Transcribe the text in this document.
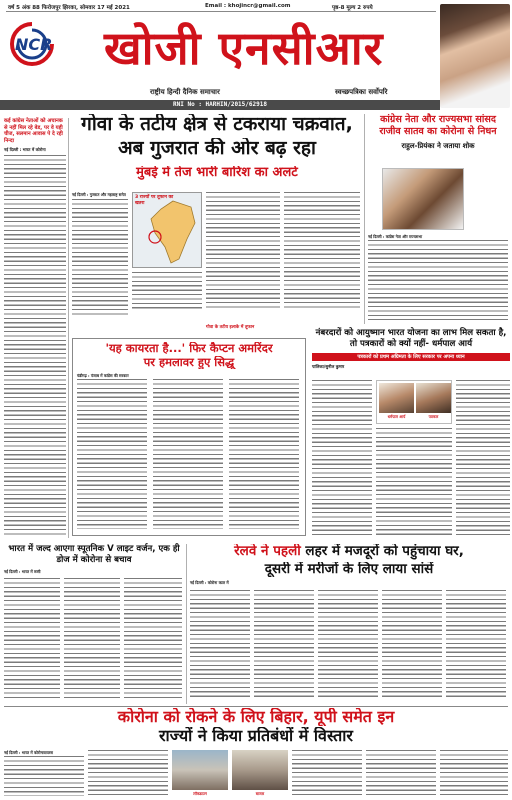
वर्ष 5 अंक 88 फिरोजपुर झिरका, सोमवार 17 मई 2021	Email : khojincr@gmail.com	पृष्ठ-8 मूल्य 2 रुपये
NCR खोजी एनसीआर
राष्ट्रीय हिन्दी दैनिक समाचार	स्वच्छपत्रिका सर्वोपरि
RNI No : HARHIN/2015/62918
कई कांग्रेस नेताओं को अचानक से नहीं मिल रहे बेड, पर वे यही चीज, सलमान आवास पे दे रही निन्दा
नई दिल्ली : भारत में कोरोना
गोवा के तटीय क्षेत्र से टकराया चक्रवात,
अब गुजरात की ओर बढ़ रहा
मुंबई में तेज भारी बारिश का अलर्ट
नई दिल्ली : गुजरात और महाराष्ट्र समेत
3 राज्यों पर तूफान का खतरा
गोवा के तटीय इलाके में तूफान
कांग्रेस नेता और राज्यसभा सांसद राजीव सातव का कोरोना से निधन
राहुल-प्रियंका ने जताया शोक
नई दिल्ली : कांग्रेस नेता और राज्यसभा
'यह कायरता है...' फिर कैप्टन अमरिंदर
पर हमलावर हुए सिद्धू
चंडीगढ़ : पंजाब में कांग्रेस की सरकार
नंबरदारों को आयुष्मान भारत योजना का लाभ मिल सकता है, तो पत्रकारों को क्यों नहीं- धर्मपाल आर्य
पत्रकारों को प्रथम अग्रिमता के लिए सरकार पर अपना ध्यान
पालिका/सुनील कुमार
धर्मपाल आर्य	पत्रकार
भारत में जल्द आएगा स्पूतनिक V लाइट वर्जन, एक ही डोज में कोरोना से बचाव
नई दिल्ली : भारत में रूसी
रेलवे ने पहली लहर में मजदूरों को पहुंचाया घर,
दूसरी में मरीजों के लिए लाया सांसें
नई दिल्ली : कोरोना काल में
कोरोना को रोकने के लिए बिहार, यूपी समेत इन
राज्यों ने किया प्रतिबंधों में विस्तार
नई दिल्ली : भारत में कोरोनावायरस
लॉकडाउन	बाजार
